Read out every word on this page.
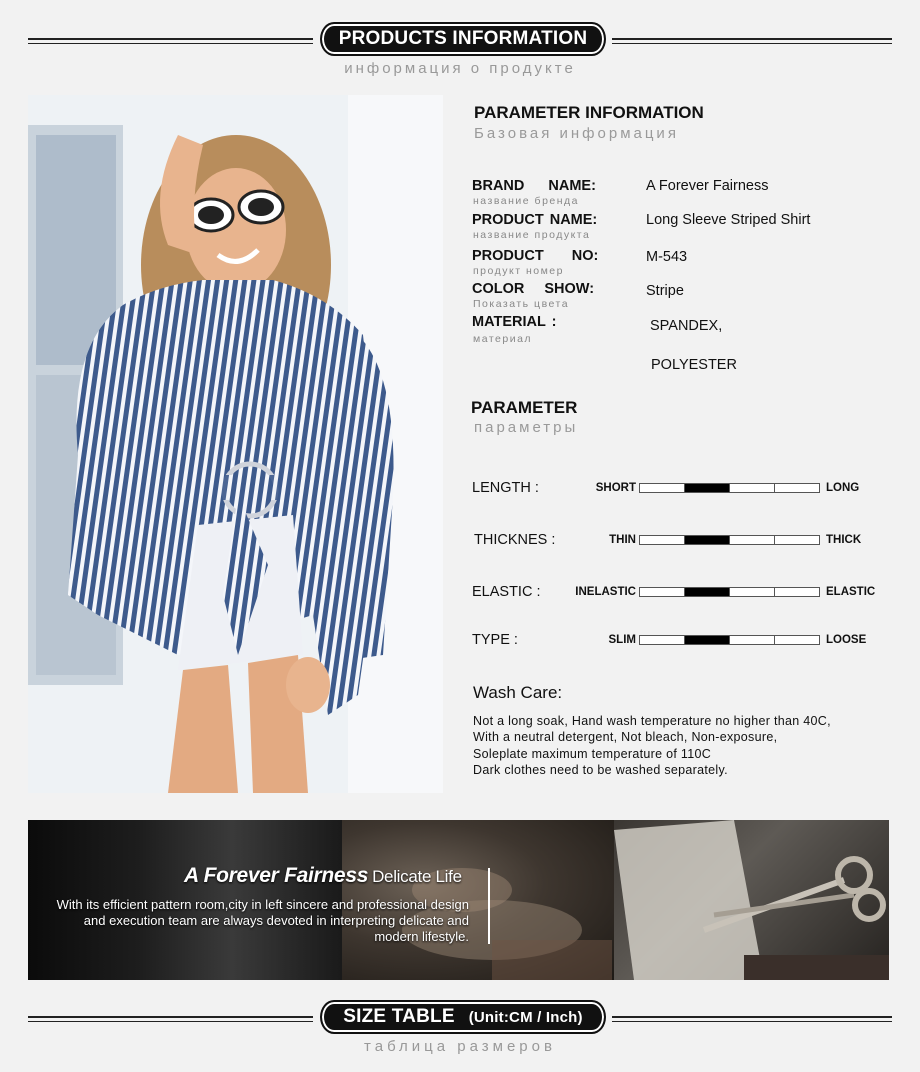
PRODUCTS INFORMATION
информация о продукте
PARAMETER INFORMATION
Базовая информация
BRAND NAME:
название бренда
A Forever Fairness
PRODUCT NAME:
название продукта
Long Sleeve Striped Shirt
PRODUCT NO:
продукт номер
M-543
COLOR SHOW:
Показать цвета
Stripe
MATERIAL :
материал
SPANDEX,
POLYESTER
PARAMETER
параметры
LENGTH :	SHORT	LONG
THICKNES :	THIN	THICK
ELASTIC :	INELASTIC	ELASTIC
TYPE :	SLIM	LOOSE
Wash Care:
Not a long soak, Hand wash temperature no higher than 40C,
With a neutral detergent, Not bleach, Non-exposure,
Soleplate maximum temperature of 110C
Dark clothes need to be washed separately.
A Forever Fairness Delicate Life
With its efficient pattern room,city in left sincere and professional design
and execution team are always devoted in interpreting delicate and
modern lifestyle.
SIZE TABLE (Unit:CM / Inch)
таблица размеров
